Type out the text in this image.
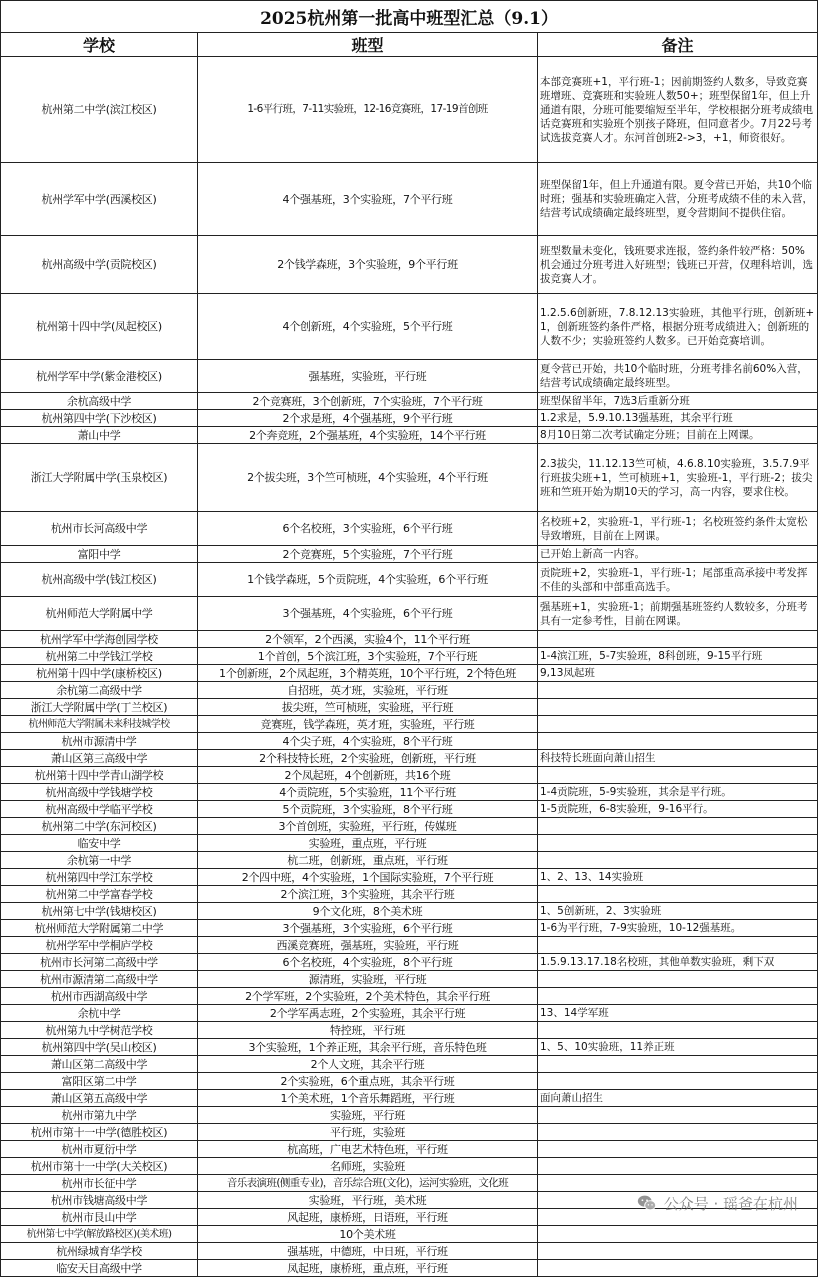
2025杭州第一批高中班型汇总（9.1）		
学校	班型	备注
杭州第二中学(滨江校区)	1-6平行班，7-11实验班，12-16竞赛班，17-19首创班	本部竞赛班+1，平行班-1；因前期签约人数多，导致竞赛班增班、竞赛班和实验班人数50+；班型保留1年，但上升通道有限，分班可能要缩短至半年，学校根据分班考成绩电话竞赛班和实验班个别孩子降班，但同意者少。7月22号考试选拔竞赛人才。东河首创班2->3，+1，师资很好。
杭州学军中学(西溪校区)	4个强基班，3个实验班，7个平行班	班型保留1年，但上升通道有限。夏令营已开始，共10个临时班；强基和实验班确定入营，分班考成绩不佳的未入营，结营考试成绩确定最终班型，夏令营期间不提供住宿。
杭州高级中学(贡院校区)	2个钱学森班，3个实验班，9个平行班	班型数量未变化，钱班要求连报，签约条件较严格：50%机会通过分班考进入好班型；钱班已开营，仅理科培训，选拔竞赛人才。
杭州第十四中学(凤起校区)	4个创新班，4个实验班，5个平行班	1.2.5.6创新班，7.8.12.13实验班，其他平行班，创新班+1，创新班签约条件严格，根据分班考成绩进入；创新班的人数不少；实验班签约人数多。已开始竞赛培训。
杭州学军中学(紫金港校区)	强基班，实验班，平行班	夏令营已开始，共10个临时班，分班考排名前60%入营，结营考试成绩确定最终班型。
余杭高级中学	2个竞赛班，3个创新班，7个实验班，7个平行班	班型保留半年，7选3后重新分班
杭州第四中学(下沙校区)	2个求是班，4个强基班，9个平行班	1.2求是，5.9.10.13强基班，其余平行班
萧山中学	2个奔竞班，2个强基班，4个实验班，14个平行班	8月10日第二次考试确定分班；目前在上网课。
浙江大学附属中学(玉泉校区)	2个拔尖班，3个竺可桢班，4个实验班，4个平行班	2.3拔尖，11.12.13竺可桢，4.6.8.10实验班，3.5.7.9平行班拔尖班+1，竺可桢班+1，实验班-1，平行班-2；拔尖班和竺班开始为期10天的学习，高一内容，要求住校。
杭州市长河高级中学	6个名校班，3个实验班，6个平行班	名校班+2，实验班-1，平行班-1；名校班签约条件太宽松导致增班，目前在上网课。
富阳中学	2个竞赛班，5个实验班，7个平行班	已开始上新高一内容。
杭州高级中学(钱江校区)	1个钱学森班，5个贡院班，4个实验班，6个平行班	贡院班+2，实验班-1，平行班-1；尾部重高承接中考发挥不佳的头部和中部重高选手。
杭州师范大学附属中学	3个强基班，4个实验班，6个平行班	强基班+1，实验班-1；前期强基班签约人数较多，分班考具有一定参考性，目前在网课。
杭州学军中学海创园学校	2个领军，2个西溪，实验4个，11个平行班	
杭州第二中学钱江学校	1个首创，5个滨江班，3个实验班，7个平行班	1-4滨江班，5-7实验班，8科创班，9-15平行班
杭州第十四中学(康桥校区)	1个创新班，2个凤起班，3个精英班，10个平行班，2个特色班	9,13凤起班
余杭第二高级中学	自招班，英才班，实验班，平行班	
浙江大学附属中学(丁兰校区)	拔尖班，竺可桢班，实验班，平行班	
杭州师范大学附属未来科技城学校	竞赛班，钱学森班，英才班，实验班，平行班	
杭州市源清中学	4个尖子班，4个实验班，8个平行班	
萧山区第三高级中学	2个科技特长班，2个实验班，创新班，平行班	科技特长班面向萧山招生
杭州第十四中学青山湖学校	2个凤起班，4个创新班，共16个班	
杭州高级中学钱塘学校	4个贡院班，5个实验班，11个平行班	1-4贡院班，5-9实验班，其余是平行班。
杭州高级中学临平学校	5个贡院班，3个实验班，8个平行班	1-5贡院班，6-8实验班，9-16平行。
杭州第二中学(东河校区)	3个首创班，实验班，平行班，传媒班	
临安中学	实验班，重点班，平行班	
余杭第一中学	杭二班，创新班，重点班，平行班	
杭州第四中学江东学校	2个四中班，4个实验班，1个国际实验班，7个平行班	1、2、13、14实验班
杭州第二中学富春学校	2个滨江班，3个实验班，其余平行班	
杭州第七中学(钱塘校区)	9个文化班，8个美术班	1、5创新班，2、3实验班
杭州师范大学附属第二中学	3个强基班，3个实验班，6个平行班	1-6为平行班，7-9实验班，10-12强基班。
杭州学军中学桐庐学校	西溪竞赛班，强基班，实验班，平行班	
杭州市长河第二高级中学	6个名校班，4个实验班，8个平行班	1.5.9.13.17.18名校班，其他单数实验班，剩下双
杭州市源清第二高级中学	源清班，实验班，平行班	
杭州市西湖高级中学	2个学军班，2个实验班，2个美术特色，其余平行班	
余杭中学	2个学军禹志班，2个实验班，其余平行班	13、14学军班
杭州第九中学树范学校	特控班，平行班	
杭州第四中学(吴山校区)	3个实验班，1个养正班，其余平行班，音乐特色班	1、5、10实验班，11养正班
萧山区第二高级中学	2个人文班，其余平行班	
富阳区第二中学	2个实验班，6个重点班，其余平行班	
萧山区第五高级中学	1个美术班，1个音乐舞蹈班，平行班	面向萧山招生
杭州市第九中学	实验班，平行班	
杭州市第十一中学(德胜校区)	平行班，实验班	
杭州市夏衍中学	杭高班，广电艺术特色班，平行班	
杭州市第十一中学(大关校区)	名师班，实验班	
杭州市长征中学	音乐表演班(侧重专业)，音乐综合班(文化)，运河实验班，文化班	
杭州市钱塘高级中学	实验班，平行班，美术班	
杭州市艮山中学	风起班，康桥班，日语班，平行班	
杭州第七中学(解放路校区)(美术班)	10个美术班	
杭州绿城育华学校	强基班，中德班，中日班，平行班	
临安天目高级中学	凤起班，康桥班，重点班，平行班	
公众号 · 瑶爸在杭州
